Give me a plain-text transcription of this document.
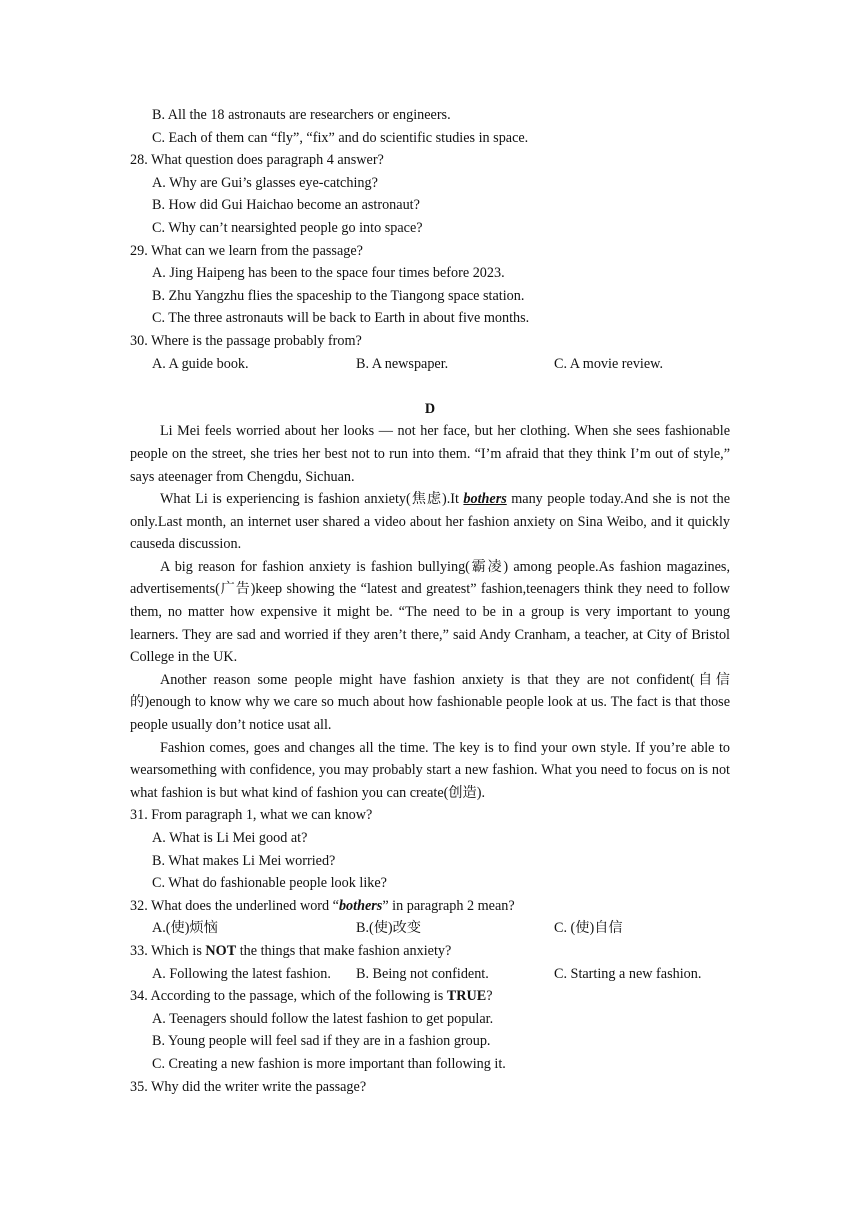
B. All the 18 astronauts are researchers or engineers.
C. Each of them can “fly”, “fix” and do scientific studies in space.
28. What question does paragraph 4 answer?
A. Why are Gui’s glasses eye-catching?
B. How did Gui Haichao become an astronaut?
C. Why can’t nearsighted people go into space?
29. What can we learn from the passage?
A. Jing Haipeng has been to the space four times before 2023.
B. Zhu Yangzhu flies the spaceship to the Tiangong space station.
C. The three astronauts will be back to Earth in about five months.
30. Where is the passage probably from?
A. A guide book.	B. A newspaper.	C. A movie review.
D

Li Mei feels worried about her looks — not her face, but her clothing. When she sees fashionable people on the street, she tries her best not to run into them. “I’m afraid that they think I’m out of style,” says ateenager from Chengdu, Sichuan.

What Li is experiencing is fashion anxiety(焦虑).It bothers many people today.And she is not the only.Last month, an internet user shared a video about her fashion anxiety on Sina Weibo, and it quickly causeda discussion.

A big reason for fashion anxiety is fashion bullying(霸凌) among people.As fashion magazines, advertisements(广告)keep showing the “latest and greatest” fashion,teenagers think they need to follow them, no matter how expensive it might be. “The need to be in a group is very important to young learners. They are sad and worried if they aren’t there,” said Andy Cranham, a teacher, at City of Bristol College in the UK.

Another reason some people might have fashion anxiety is that they are not confident(自信的)enough to know why we care so much about how fashionable people look at us. The fact is that those people usually don’t notice usat all.

Fashion comes, goes and changes all the time. The key is to find your own style. If you’re able to wearsomething with confidence, you may probably start a new fashion. What you need to focus on is not what fashion is but what kind of fashion you can create(创造).

31. From paragraph 1, what we can know?
A. What is Li Mei good at?
B. What makes Li Mei worried?
C. What do fashionable people look like?
32. What does the underlined word “bothers” in paragraph 2 mean?
A.(使)烦恼	B.(使)改变	C. (使)自信
33. Which is NOT the things that make fashion anxiety?
A. Following the latest fashion.	B. Being not confident.	C. Starting a new fashion.
34. According to the passage, which of the following is TRUE?
A. Teenagers should follow the latest fashion to get popular.
B. Young people will feel sad if they are in a fashion group.
C. Creating a new fashion is more important than following it.
35. Why did the writer write the passage?
